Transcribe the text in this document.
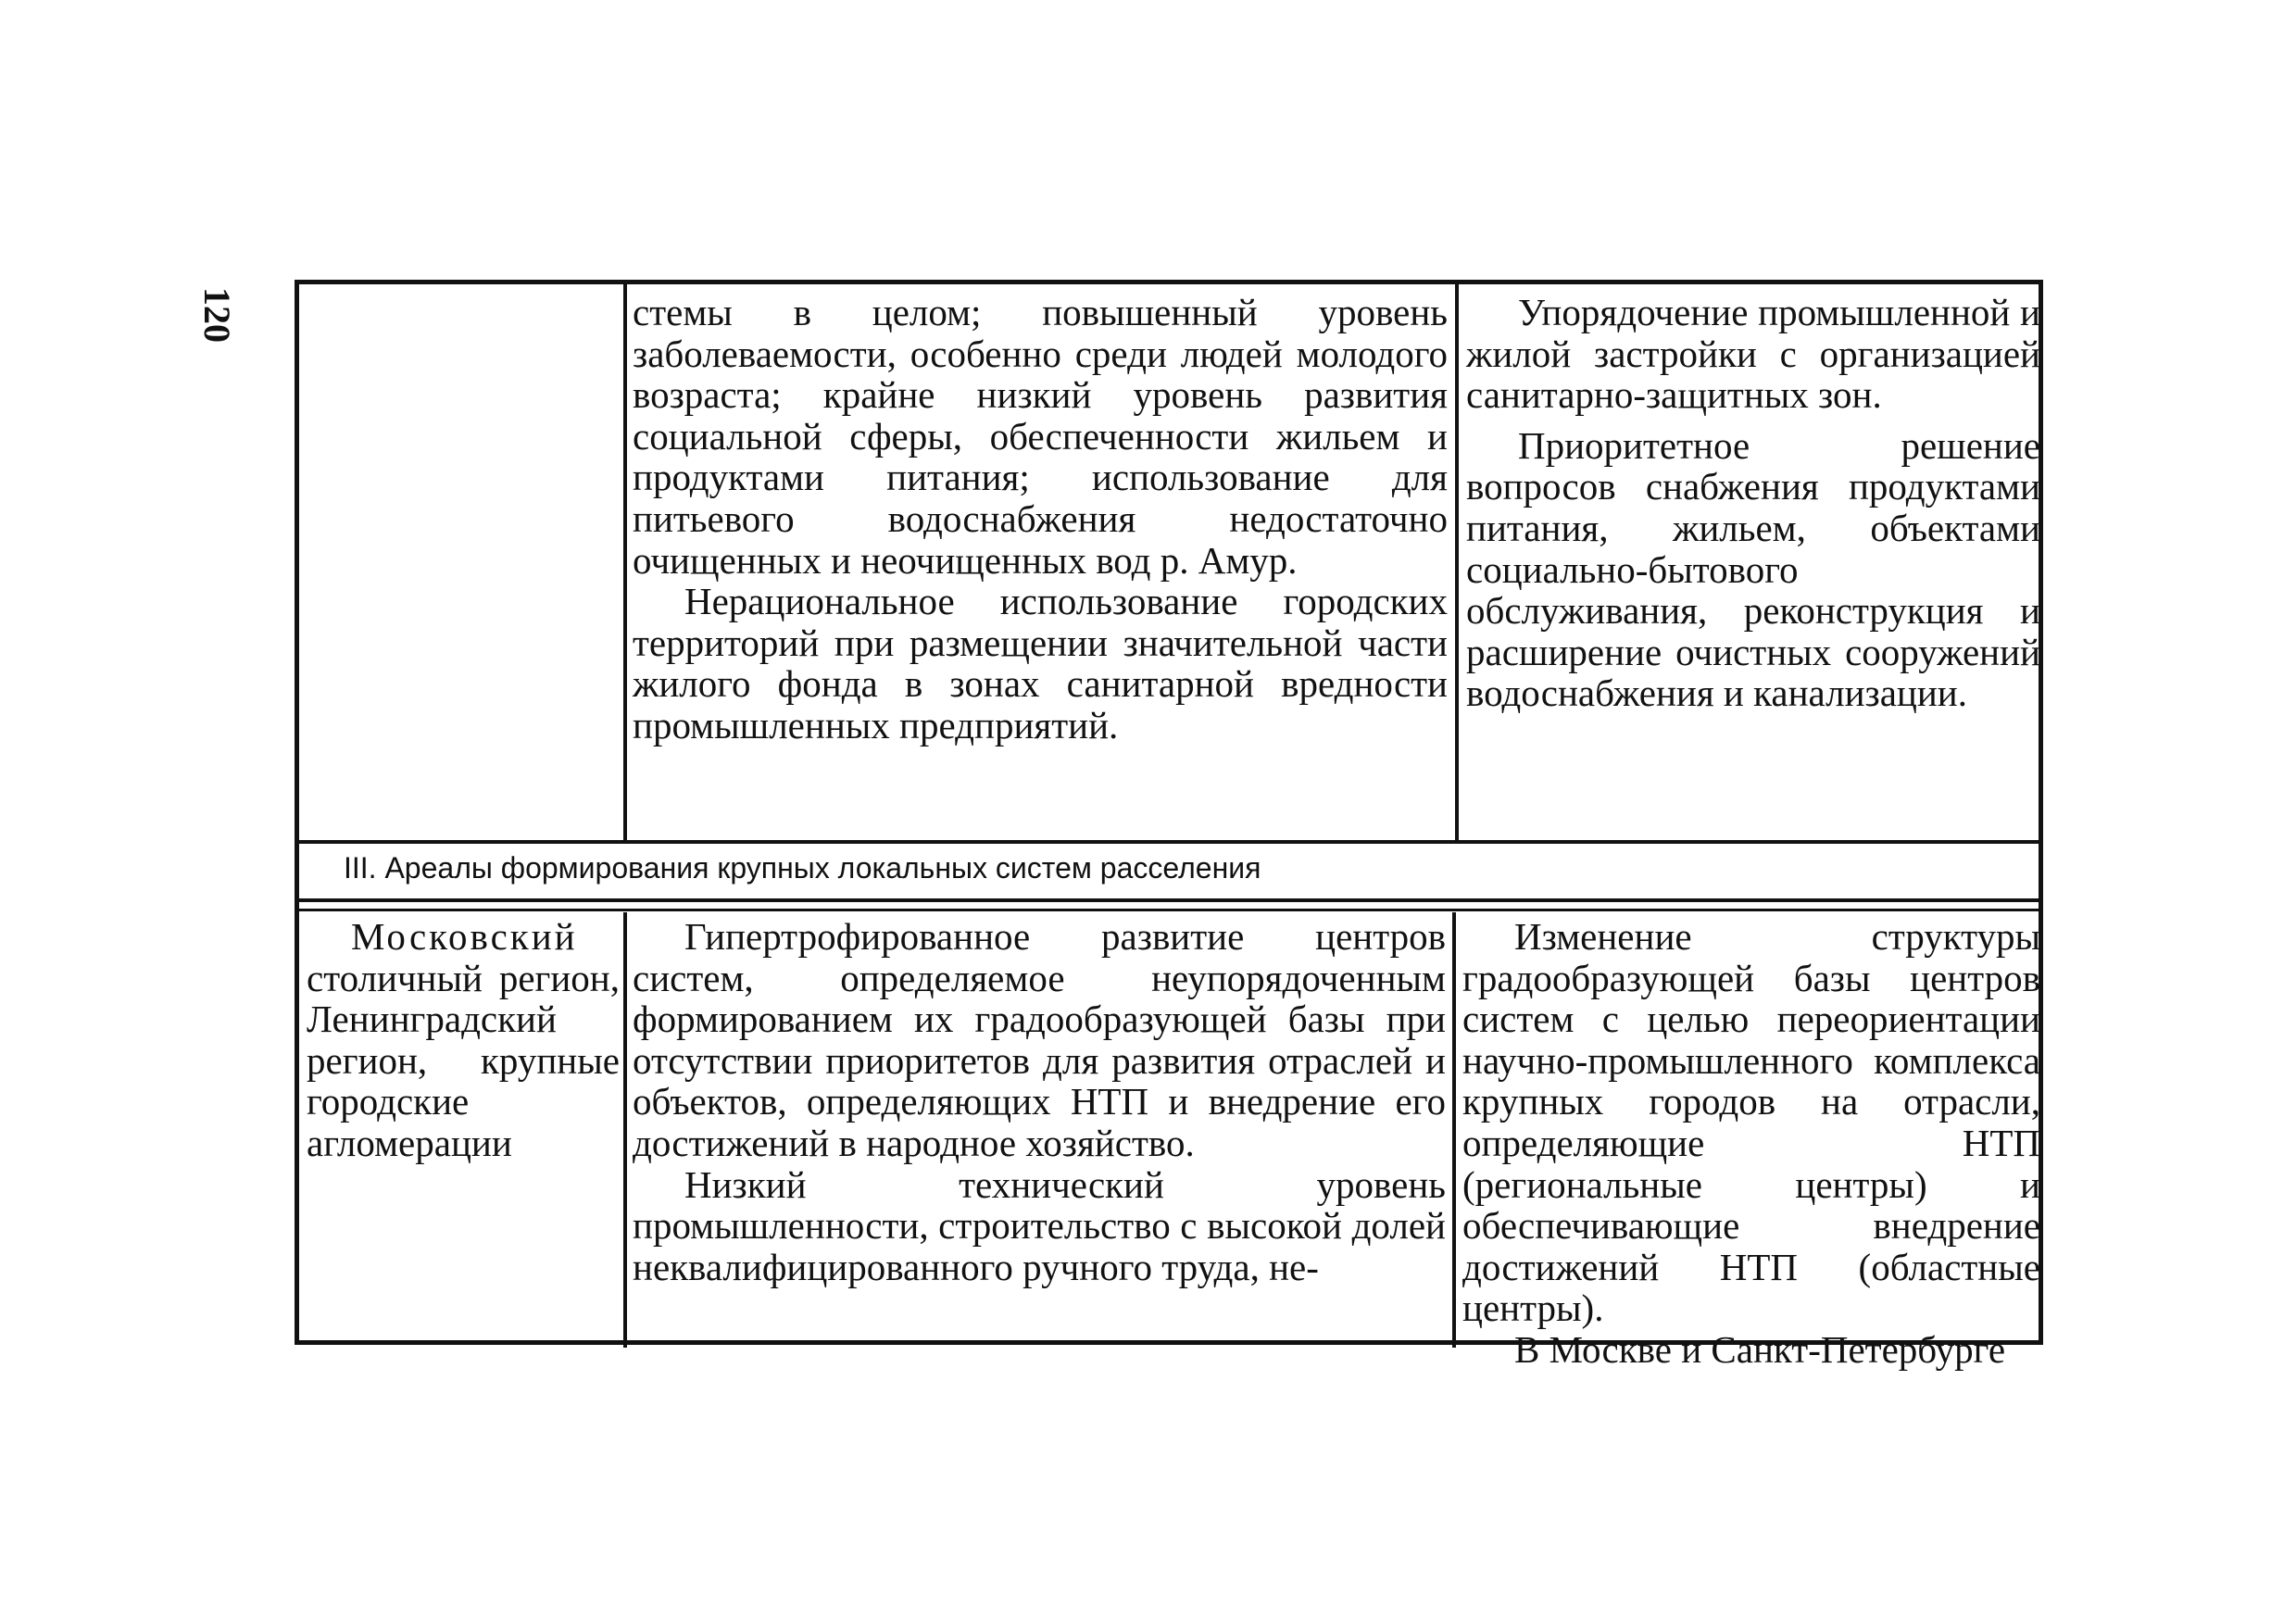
120	стемы в целом; повышенный уровень заболеваемости, особенно среди людей молодого возраста; крайне низкий уровень развития социальной сферы, обеспеченности жильем и продуктами питания; использование для питьевого водоснабжения недостаточно очищенных и неочищенных вод р. Амур.

Нерациональное использование городских территорий при размещении значительной части жилого фонда в зонах санитарной вредности промышленных предприятий.

Упорядочение промышленной и жилой застройки с организацией санитарно-защитных зон.

Приоритетное решение вопросов снабжения продуктами питания, жильем, объектами социально-бытового обслуживания, реконструкция и расширение очистных сооружений водоснабжения и канализации.

III. Ареалы формирования крупных локальных систем расселения

Московский столичный регион, Ленинградский регион, крупные городские агломерации

Гипертрофированное развитие центров систем, определяемое неупорядоченным формированием их градообразующей базы при отсутствии приоритетов для развития отраслей и объектов, определяющих НТП и внедрение его достижений в народное хозяйство.

Низкий технический уровень промышленности, строительство с высокой долей неквалифицированного ручного труда, не-

Изменение структуры градообразующей базы центров систем с целью переориентации научно-промышленного комплекса крупных городов на отрасли, определяющие НТП (региональные центры) и обеспечивающие внедрение достижений НТП (областные центры).

В Москве и Санкт-Петербурге
